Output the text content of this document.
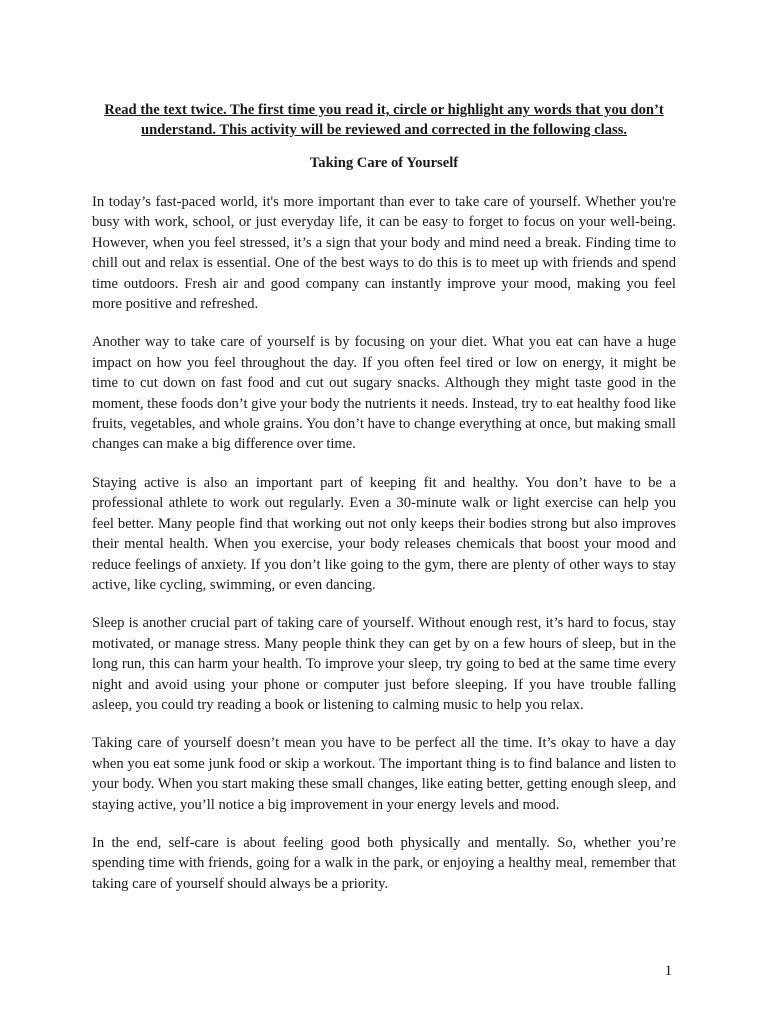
Read the text twice. The first time you read it, circle or highlight any words that you don’t understand. This activity will be reviewed and corrected in the following class.

Taking Care of Yourself

In today’s fast-paced world, it's more important than ever to take care of yourself. Whether you're busy with work, school, or just everyday life, it can be easy to forget to focus on your well-being. However, when you feel stressed, it’s a sign that your body and mind need a break. Finding time to chill out and relax is essential. One of the best ways to do this is to meet up with friends and spend time outdoors. Fresh air and good company can instantly improve your mood, making you feel more positive and refreshed.

Another way to take care of yourself is by focusing on your diet. What you eat can have a huge impact on how you feel throughout the day. If you often feel tired or low on energy, it might be time to cut down on fast food and cut out sugary snacks. Although they might taste good in the moment, these foods don’t give your body the nutrients it needs. Instead, try to eat healthy food like fruits, vegetables, and whole grains. You don’t have to change everything at once, but making small changes can make a big difference over time.

Staying active is also an important part of keeping fit and healthy. You don’t have to be a professional athlete to work out regularly. Even a 30-minute walk or light exercise can help you feel better. Many people find that working out not only keeps their bodies strong but also improves their mental health. When you exercise, your body releases chemicals that boost your mood and reduce feelings of anxiety. If you don’t like going to the gym, there are plenty of other ways to stay active, like cycling, swimming, or even dancing.

Sleep is another crucial part of taking care of yourself. Without enough rest, it’s hard to focus, stay motivated, or manage stress. Many people think they can get by on a few hours of sleep, but in the long run, this can harm your health. To improve your sleep, try going to bed at the same time every night and avoid using your phone or computer just before sleeping. If you have trouble falling asleep, you could try reading a book or listening to calming music to help you relax.

Taking care of yourself doesn’t mean you have to be perfect all the time. It’s okay to have a day when you eat some junk food or skip a workout. The important thing is to find balance and listen to your body. When you start making these small changes, like eating better, getting enough sleep, and staying active, you’ll notice a big improvement in your energy levels and mood.

In the end, self-care is about feeling good both physically and mentally. So, whether you’re spending time with friends, going for a walk in the park, or enjoying a healthy meal, remember that taking care of yourself should always be a priority.

1
